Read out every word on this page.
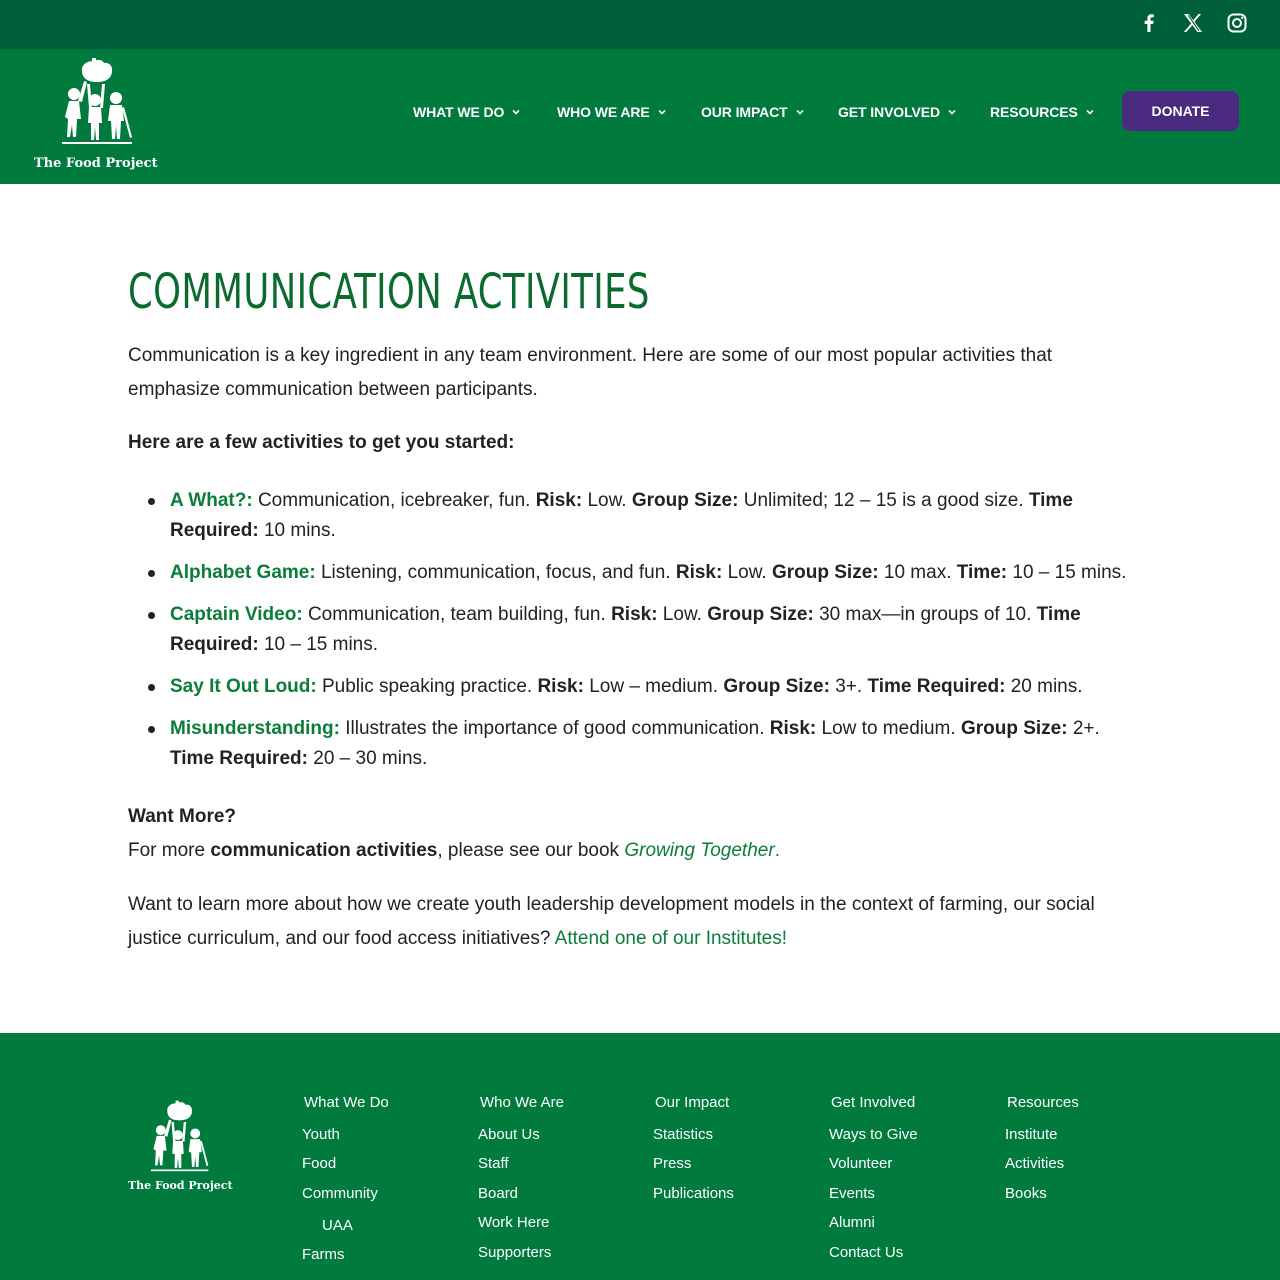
The Food Project
WHAT WE DO	WHO WE ARE	OUR IMPACT	GET INVOLVED	RESOURCES	DONATE
COMMUNICATION ACTIVITIES

Communication is a key ingredient in any team environment. Here are some of our most popular activities that emphasize communication between participants.

Here are a few activities to get you started:

A What?: Communication, icebreaker, fun. Risk: Low. Group Size: Unlimited; 12 – 15 is a good size. Time Required: 10 mins.
Alphabet Game: Listening, communication, focus, and fun. Risk: Low. Group Size: 10 max. Time: 10 – 15 mins.
Captain Video: Communication, team building, fun. Risk: Low. Group Size: 30 max—in groups of 10. Time Required: 10 – 15 mins.
Say It Out Loud: Public speaking practice. Risk: Low – medium. Group Size: 3+. Time Required: 20 mins.
Misunderstanding: Illustrates the importance of good communication. Risk: Low to medium. Group Size: 2+. Time Required: 20 – 30 mins.

Want More?

For more communication activities, please see our book Growing Together.

Want to learn more about how we create youth leadership development models in the context of farming, our social justice curriculum, and our food access initiatives? Attend one of our Institutes!

The Food Project
What We Do
Youth
Food
Community
UAA
Farms
Who We Are
About Us
Staff
Board
Work Here
Supporters
Our Impact
Statistics
Press
Publications
Get Involved
Ways to Give
Volunteer
Events
Alumni
Contact Us
Resources
Institute
Activities
Books
